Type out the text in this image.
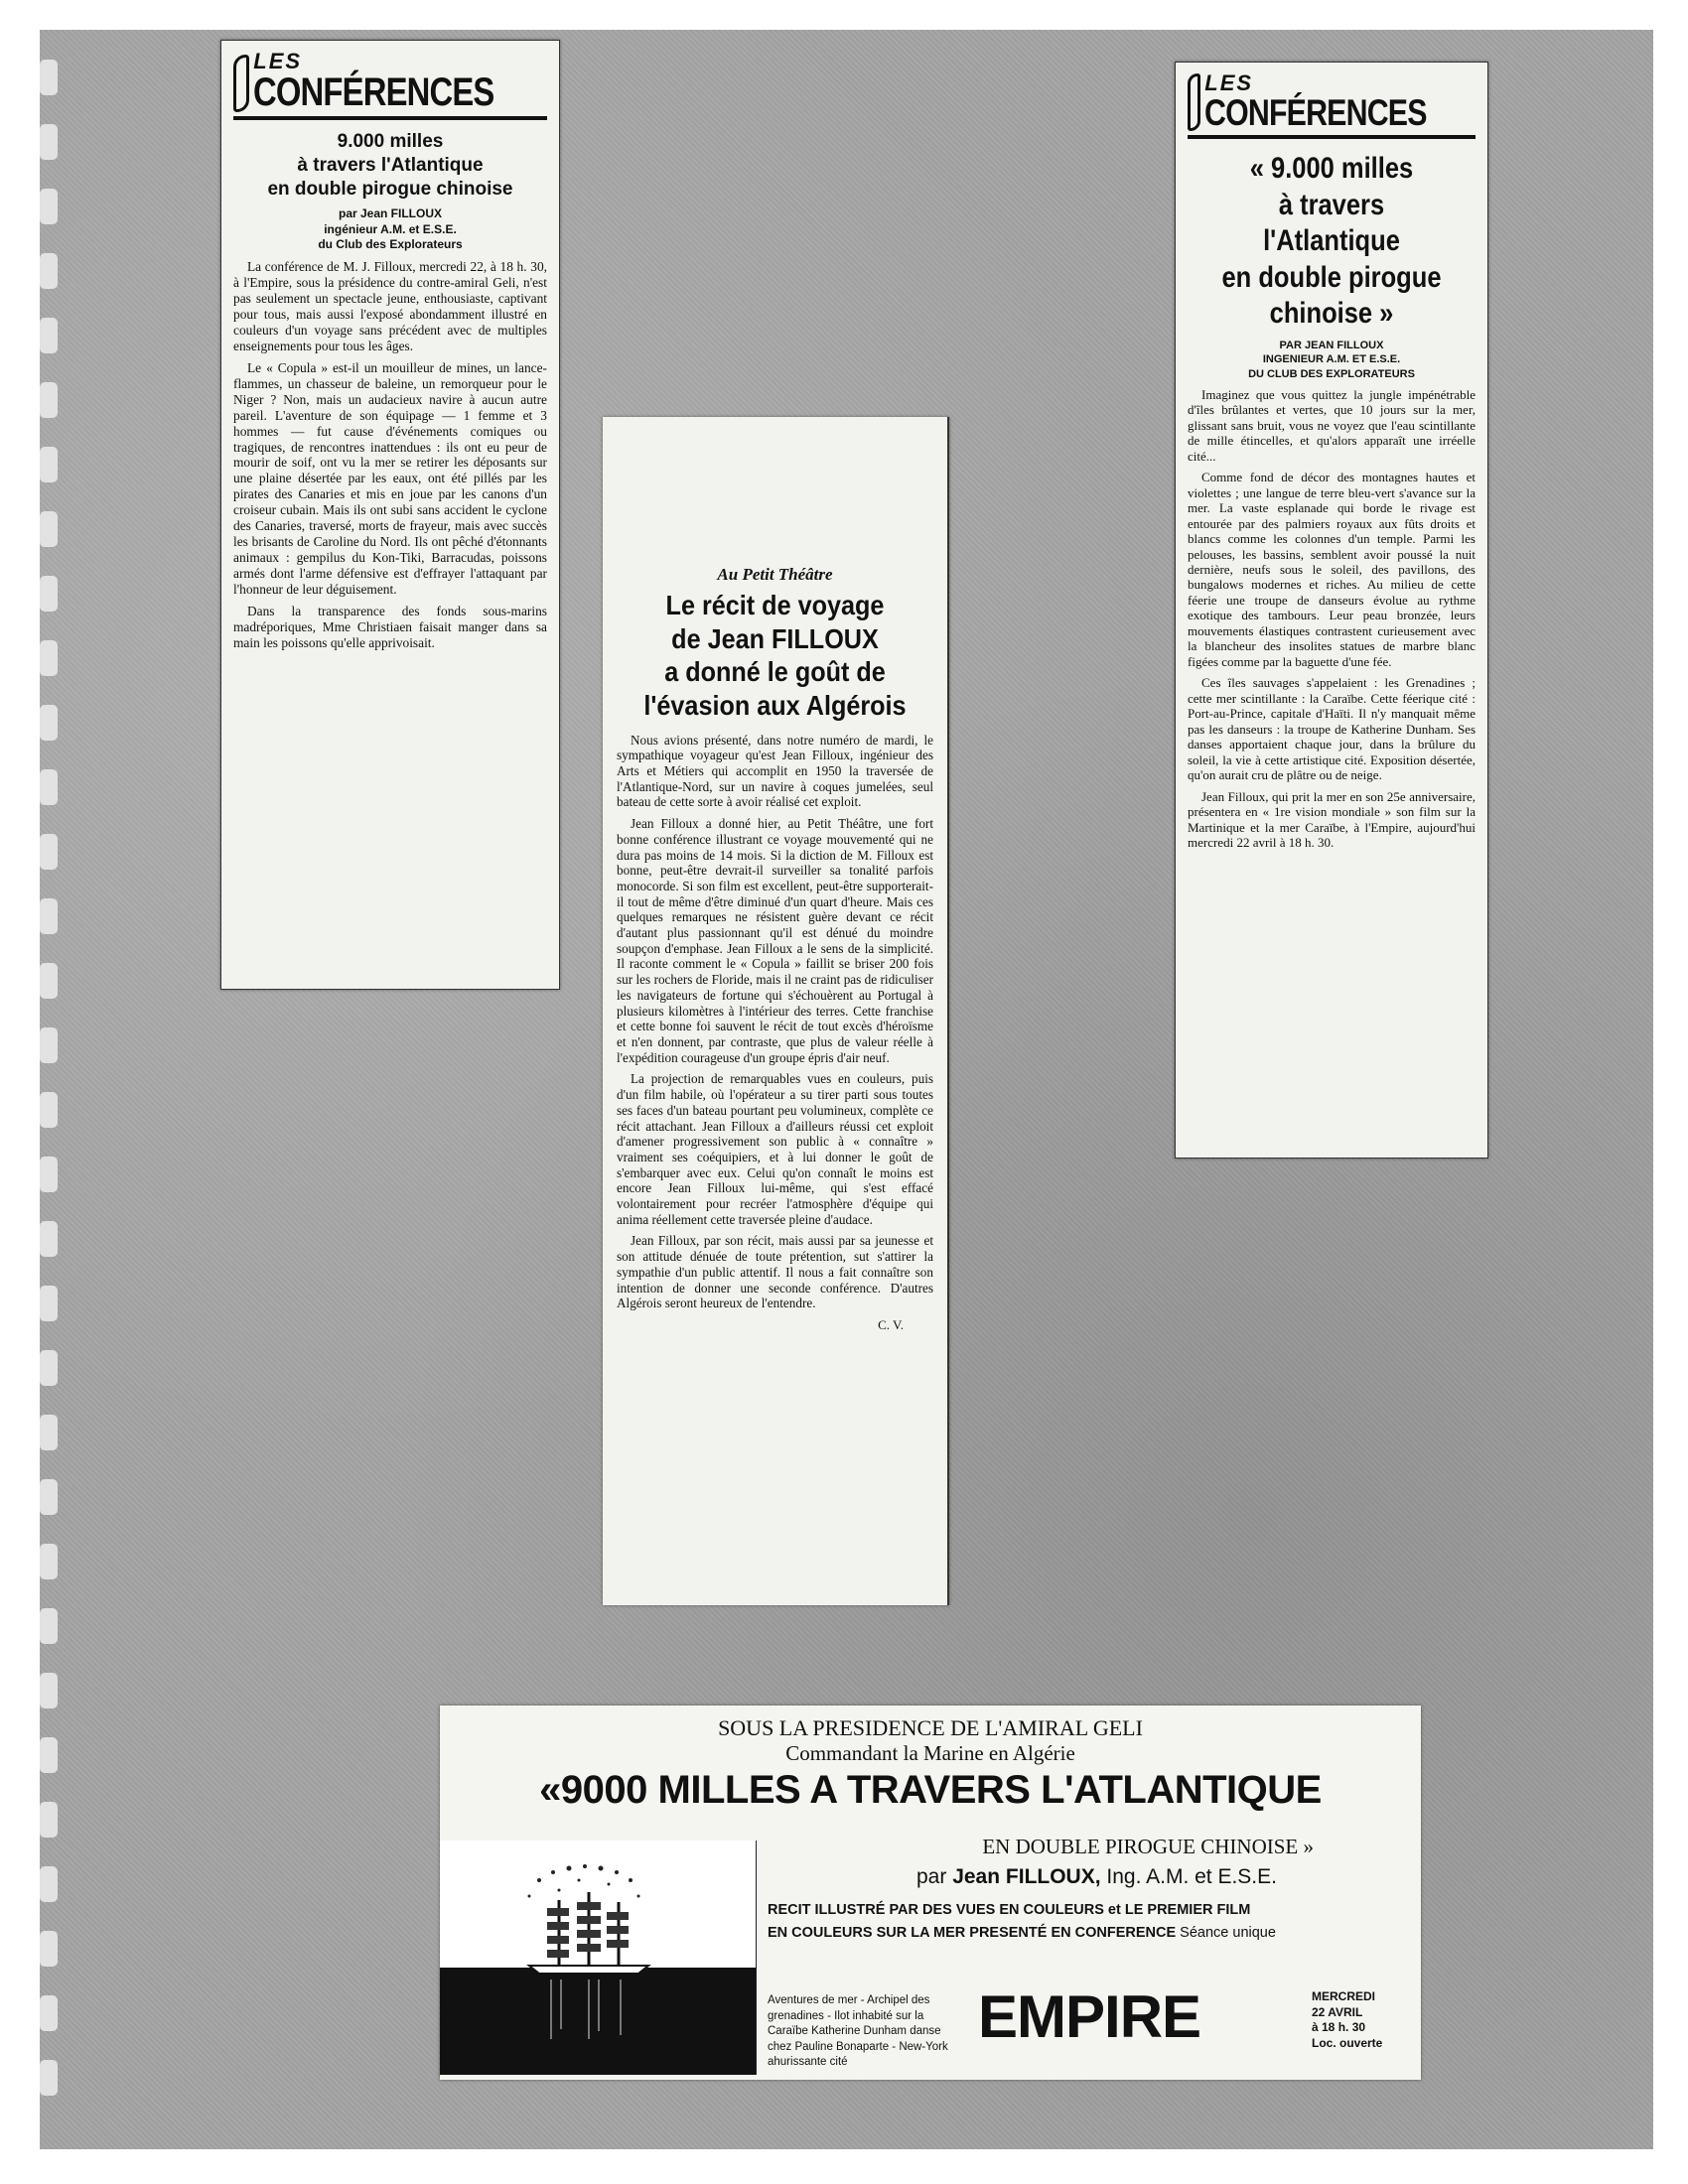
LES
CONFÉRENCES
9.000 milles
à travers l'Atlantique
en double pirogue chinoise
par Jean FILLOUX
ingénieur A.M. et E.S.E.
du Club des Explorateurs

La conférence de M. J. Filloux, mercredi 22, à 18 h. 30, à l'Empire, sous la présidence du contre-amiral Geli, n'est pas seulement un spectacle jeune, enthousiaste, captivant pour tous, mais aussi l'exposé abondamment illustré en couleurs d'un voyage sans précédent avec de multiples enseignements pour tous les âges.

Le « Copula » est-il un mouilleur de mines, un lance-flammes, un chasseur de baleine, un remorqueur pour le Niger ? Non, mais un audacieux navire à aucun autre pareil. L'aventure de son équipage — 1 femme et 3 hommes — fut cause d'événements comiques ou tragiques, de rencontres inattendues : ils ont eu peur de mourir de soif, ont vu la mer se retirer les déposants sur une plaine désertée par les eaux, ont été pillés par les pirates des Canaries et mis en joue par les canons d'un croiseur cubain. Mais ils ont subi sans accident le cyclone des Canaries, traversé, morts de frayeur, mais avec succès les brisants de Caroline du Nord. Ils ont pêché d'étonnants animaux : gempilus du Kon-Tiki, Barracudas, poissons armés dont l'arme défensive est d'effrayer l'attaquant par l'honneur de leur déguisement.

Dans la transparence des fonds sous-marins madréporiques, Mme Christiaen faisait manger dans sa main les poissons qu'elle apprivoisait.

LES
CONFÉRENCES
« 9.000 milles
à travers l'Atlantique
en double pirogue
chinoise »
PAR JEAN FILLOUX
INGENIEUR A.M. ET E.S.E.
DU CLUB DES EXPLORATEURS

Imaginez que vous quittez la jungle impénétrable d'îles brûlantes et vertes, que 10 jours sur la mer, glissant sans bruit, vous ne voyez que l'eau scintillante de mille étincelles, et qu'alors apparaît une irréelle cité...

Comme fond de décor des montagnes hautes et violettes ; une langue de terre bleu-vert s'avance sur la mer. La vaste esplanade qui borde le rivage est entourée par des palmiers royaux aux fûts droits et blancs comme les colonnes d'un temple. Parmi les pelouses, les bassins, semblent avoir poussé la nuit dernière, neufs sous le soleil, des pavillons, des bungalows modernes et riches. Au milieu de cette féerie une troupe de danseurs évolue au rythme exotique des tambours. Leur peau bronzée, leurs mouvements élastiques contrastent curieusement avec la blancheur des insolites statues de marbre blanc figées comme par la baguette d'une fée.

Ces îles sauvages s'appelaient : les Grenadines ; cette mer scintillante : la Caraïbe. Cette féerique cité : Port-au-Prince, capitale d'Haïti. Il n'y manquait même pas les danseurs : la troupe de Katherine Dunham. Ses danses apportaient chaque jour, dans la brûlure du soleil, la vie à cette artistique cité. Exposition désertée, qu'on aurait cru de plâtre ou de neige.

Jean Filloux, qui prit la mer en son 25e anniversaire, présentera en « 1re vision mondiale » son film sur la Martinique et la mer Caraïbe, à l'Empire, aujourd'hui mercredi 22 avril à 18 h. 30.

Au Petit Théâtre
Le récit de voyage
de Jean FILLOUX
a donné le goût de
l'évasion aux Algérois

Nous avions présenté, dans notre numéro de mardi, le sympathique voyageur qu'est Jean Filloux, ingénieur des Arts et Métiers qui accomplit en 1950 la traversée de l'Atlantique-Nord, sur un navire à coques jumelées, seul bateau de cette sorte à avoir réalisé cet exploit.

Jean Filloux a donné hier, au Petit Théâtre, une fort bonne conférence illustrant ce voyage mouvementé qui ne dura pas moins de 14 mois. Si la diction de M. Filloux est bonne, peut-être devrait-il surveiller sa tonalité parfois monocorde. Si son film est excellent, peut-être supporterait-il tout de même d'être diminué d'un quart d'heure. Mais ces quelques remarques ne résistent guère devant ce récit d'autant plus passionnant qu'il est dénué du moindre soupçon d'emphase. Jean Filloux a le sens de la simplicité. Il raconte comment le « Copula » faillit se briser 200 fois sur les rochers de Floride, mais il ne craint pas de ridiculiser les navigateurs de fortune qui s'échouèrent au Portugal à plusieurs kilomètres à l'intérieur des terres. Cette franchise et cette bonne foi sauvent le récit de tout excès d'héroïsme et n'en donnent, par contraste, que plus de valeur réelle à l'expédition courageuse d'un groupe épris d'air neuf.

La projection de remarquables vues en couleurs, puis d'un film habile, où l'opérateur a su tirer parti sous toutes ses faces d'un bateau pourtant peu volumineux, complète ce récit attachant. Jean Filloux a d'ailleurs réussi cet exploit d'amener progressivement son public à « connaître » vraiment ses coéquipiers, et à lui donner le goût de s'embarquer avec eux. Celui qu'on connaît le moins est encore Jean Filloux lui-même, qui s'est effacé volontairement pour recréer l'atmosphère d'équipe qui anima réellement cette traversée pleine d'audace.

Jean Filloux, par son récit, mais aussi par sa jeunesse et son attitude dénuée de toute prétention, sut s'attirer la sympathie d'un public attentif. Il nous a fait connaître son intention de donner une seconde conférence. D'autres Algérois seront heureux de l'entendre.

C. V.
SOUS LA PRESIDENCE DE L'AMIRAL GELI
Commandant la Marine en Algérie
«9000 MILLES A TRAVERS L'ATLANTIQUE
EN DOUBLE PIROGUE CHINOISE »
par Jean FILLOUX, Ing. A.M. et E.S.E.
RECIT ILLUSTRÉ PAR DES VUES EN COULEURS et LE PREMIER FILM
EN COULEURS SUR LA MER PRESENTÉ EN CONFERENCE Séance unique
Aventures de mer - Archipel des grenadines - Ilot inhabité sur la Caraïbe Katherine Dunham danse chez Pauline Bonaparte - New-York ahurissante cité
EMPIRE	MERCREDI
22 AVRIL
à 18 h. 30
Loc. ouverte
